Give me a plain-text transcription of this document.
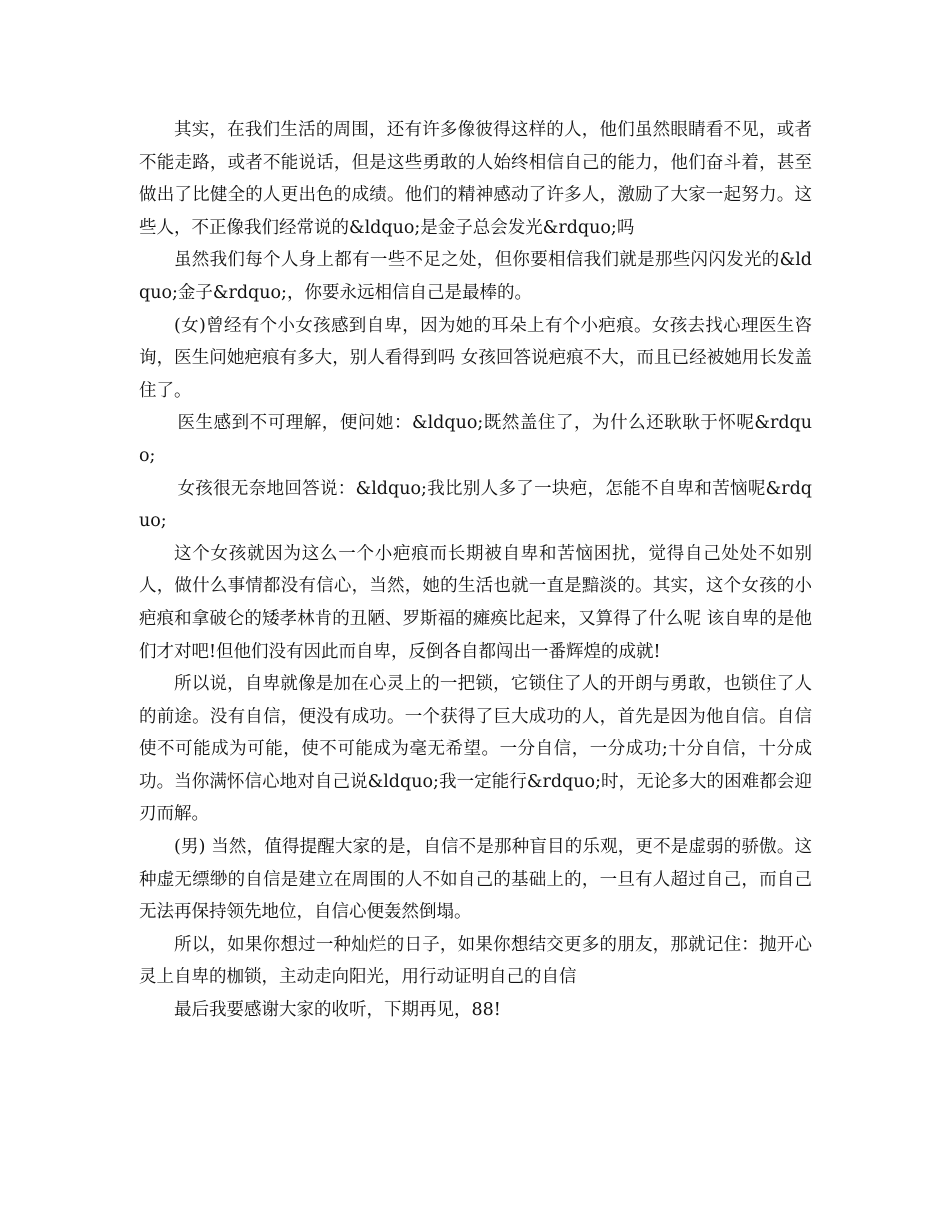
其实，在我们生活的周围，还有许多像彼得这样的人，他们虽然眼睛看不见，或者不能走路，或者不能说话，但是这些勇敢的人始终相信自己的能力，他们奋斗着，甚至做出了比健全的人更出色的成绩。他们的精神感动了许多人，激励了大家一起努力。这些人，不正像我们经常说的&ldquo;是金子总会发光&rdquo;吗

虽然我们每个人身上都有一些不足之处，但你要相信我们就是那些闪闪发光的&ldquo;金子&rdquo;，你要永远相信自己是最棒的。

(女)曾经有个小女孩感到自卑，因为她的耳朵上有个小疤痕。女孩去找心理医生咨询，医生问她疤痕有多大，别人看得到吗 女孩回答说疤痕不大，而且已经被她用长发盖住了。

医生感到不可理解，便问她：&ldquo;既然盖住了，为什么还耿耿于怀呢&rdquo;

女孩很无奈地回答说：&ldquo;我比别人多了一块疤，怎能不自卑和苦恼呢&rdquo;

这个女孩就因为这么一个小疤痕而长期被自卑和苦恼困扰，觉得自己处处不如别人，做什么事情都没有信心，当然，她的生活也就一直是黯淡的。其实，这个女孩的小疤痕和拿破仑的矮孝林肯的丑陋、罗斯福的瘫痪比起来，又算得了什么呢 该自卑的是他们才对吧!但他们没有因此而自卑，反倒各自都闯出一番辉煌的成就!

所以说，自卑就像是加在心灵上的一把锁，它锁住了人的开朗与勇敢，也锁住了人的前途。没有自信，便没有成功。一个获得了巨大成功的人，首先是因为他自信。自信使不可能成为可能，使不可能成为毫无希望。一分自信，一分成功;十分自信，十分成功。当你满怀信心地对自己说&ldquo;我一定能行&rdquo;时，无论多大的困难都会迎刃而解。

(男) 当然，值得提醒大家的是，自信不是那种盲目的乐观，更不是虚弱的骄傲。这种虚无缥缈的自信是建立在周围的人不如自己的基础上的，一旦有人超过自己，而自己无法再保持领先地位，自信心便轰然倒塌。

所以，如果你想过一种灿烂的日子，如果你想结交更多的朋友，那就记住：抛开心灵上自卑的枷锁，主动走向阳光，用行动证明自己的自信

最后我要感谢大家的收听，下期再见，88!
